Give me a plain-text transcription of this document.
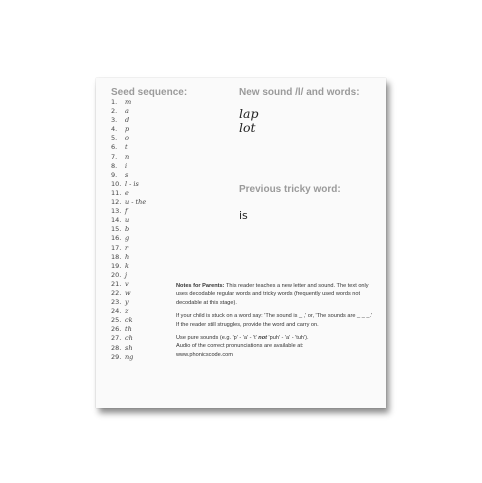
Seed sequence:
1. m
2. a
3. d
4. p
5. o
6. t
7. n
8. i
9. s
10. l - is
11. e
12. u - the
13. f
14. u
15. b
16. g
17. r
18. h
19. k
20. j
21. v
22. w
23. y
24. z
25. ck
26. th
27. ch
28. sh
29. ng
New sound /l/ and words:
lap
lot
Previous tricky word:
is

Notes for Parents: This reader teaches a new letter and sound. The text only uses decodable regular words and tricky words (frequently used words not decodable at this stage).

If your child is stuck on a word say: 'The sound is _ ,' or, 'The sounds are _ _ _.' If the reader still struggles, provide the word and carry on.

Use pure sounds (e.g. 'p' - 'a' - 't' not 'puh' - 'a' - 'tuh').
Audio of the correct pronunciations are available at:
www.phonicscode.com
